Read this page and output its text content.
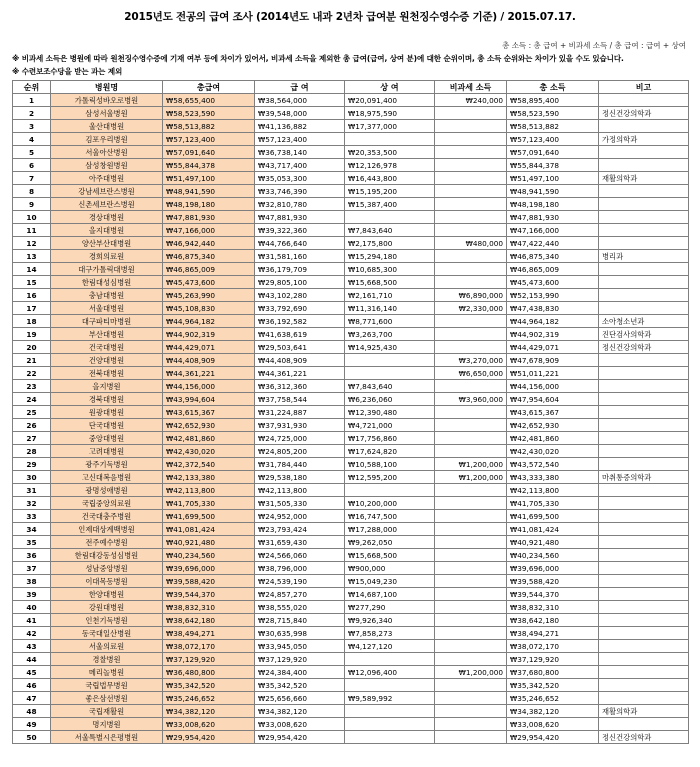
2015년도 전공의 급여 조사 (2014년도 내과 2년차 급여분 원천징수영수증 기준) / 2015.07.17.
총 소득 : 총 급여 + 비과세 소득 / 총 급여 : 급여 + 상여
※ 비과세 소득은 병원에 따라 원천징수영수증에 기재 여부 등에 차이가 있어서, 비과세 소득을 제외한 총 급여(급여, 상여 분)에 대한 순위이며, 총 소득 순위와는 차이가 있을 수도 있습니다.
※ 수련보조수당을 받는 과는 제외
순위	병원명	총급여	급 여	상 여	비과세 소득	총 소득	비고
1	가톨릭성바오로병원	₩58,655,400	₩38,564,000	₩20,091,400	₩240,000	₩58,895,400	
2	삼성서울병원	₩58,523,590	₩39,548,000	₩18,975,590		₩58,523,590	정신건강의학과
3	울산대병원	₩58,513,882	₩41,136,882	₩17,377,000		₩58,513,882	
4	김포우리병원	₩57,123,400	₩57,123,400			₩57,123,400	가정의학과
5	서울아산병원	₩57,091,640	₩36,738,140	₩20,353,500		₩57,091,640	
6	삼성창원병원	₩55,844,378	₩43,717,400	₩12,126,978		₩55,844,378	
7	아주대병원	₩51,497,100	₩35,053,300	₩16,443,800		₩51,497,100	재활의학과
8	강남세브란스병원	₩48,941,590	₩33,746,390	₩15,195,200		₩48,941,590	
9	신촌세브란스병원	₩48,198,180	₩32,810,780	₩15,387,400		₩48,198,180	
10	경상대병원	₩47,881,930	₩47,881,930			₩47,881,930	
11	을지대병원	₩47,166,000	₩39,322,360	₩7,843,640		₩47,166,000	
12	양산부산대병원	₩46,942,440	₩44,766,640	₩2,175,800	₩480,000	₩47,422,440	
13	경희의료원	₩46,875,340	₩31,581,160	₩15,294,180		₩46,875,340	병리과
14	대구가톨릭대병원	₩46,865,009	₩36,179,709	₩10,685,300		₩46,865,009	
15	한림대성심병원	₩45,473,600	₩29,805,100	₩15,668,500		₩45,473,600	
16	충남대병원	₩45,263,990	₩43,102,280	₩2,161,710	₩6,890,000	₩52,153,990	
17	서울대병원	₩45,108,830	₩33,792,690	₩11,316,140	₩2,330,000	₩47,438,830	
18	대구파티마병원	₩44,964,182	₩36,192,582	₩8,771,600		₩44,964,182	소아청소년과
19	부산대병원	₩44,902,319	₩41,638,619	₩3,263,700		₩44,902,319	진단검사의학과
20	건국대병원	₩44,429,071	₩29,503,641	₩14,925,430		₩44,429,071	정신건강의학과
21	건양대병원	₩44,408,909	₩44,408,909		₩3,270,000	₩47,678,909	
22	전북대병원	₩44,361,221	₩44,361,221		₩6,650,000	₩51,011,221	
23	을지병원	₩44,156,000	₩36,312,360	₩7,843,640		₩44,156,000	
24	경북대병원	₩43,994,604	₩37,758,544	₩6,236,060	₩3,960,000	₩47,954,604	
25	원광대병원	₩43,615,367	₩31,224,887	₩12,390,480		₩43,615,367	
26	단국대병원	₩42,652,930	₩37,931,930	₩4,721,000		₩42,652,930	
27	중앙대병원	₩42,481,860	₩24,725,000	₩17,756,860		₩42,481,860	
28	고려대병원	₩42,430,020	₩24,805,200	₩17,624,820		₩42,430,020	
29	광주기독병원	₩42,372,540	₩31,784,440	₩10,588,100	₩1,200,000	₩43,572,540	
30	고신대복음병원	₩42,133,380	₩29,538,180	₩12,595,200	₩1,200,000	₩43,333,380	마취통증의학과
31	광명성애병원	₩42,113,800	₩42,113,800			₩42,113,800	
32	국립중앙의료원	₩41,705,330	₩31,505,330	₩10,200,000		₩41,705,330	
33	건국대충주병원	₩41,699,500	₩24,952,000	₩16,747,500		₩41,699,500	
34	인제대상계백병원	₩41,081,424	₩23,793,424	₩17,288,000		₩41,081,424	
35	전주예수병원	₩40,921,480	₩31,659,430	₩9,262,050		₩40,921,480	
36	한림대강동성심병원	₩40,234,560	₩24,566,060	₩15,668,500		₩40,234,560	
37	성남중앙병원	₩39,696,000	₩38,796,000	₩900,000		₩39,696,000	
38	이대목동병원	₩39,588,420	₩24,539,190	₩15,049,230		₩39,588,420	
39	한양대병원	₩39,544,370	₩24,857,270	₩14,687,100		₩39,544,370	
40	강원대병원	₩38,832,310	₩38,555,020	₩277,290		₩38,832,310	
41	인천기독병원	₩38,642,180	₩28,715,840	₩9,926,340		₩38,642,180	
42	동국대일산병원	₩38,494,271	₩30,635,998	₩7,858,273		₩38,494,271	
43	서울의료원	₩38,072,170	₩33,945,050	₩4,127,120		₩38,072,170	
44	경찰병원	₩37,129,920	₩37,129,920			₩37,129,920	
45	메리놀병원	₩36,480,800	₩24,384,400	₩12,096,400	₩1,200,000	₩37,680,800	
46	국립법무병원	₩35,342,520	₩35,342,520			₩35,342,520	
47	좋은삼선병원	₩35,246,652	₩25,656,660	₩9,589,992		₩35,246,652	
48	국립재활원	₩34,382,120	₩34,382,120			₩34,382,120	재활의학과
49	명지병원	₩33,008,620	₩33,008,620			₩33,008,620	
50	서울특별시은평병원	₩29,954,420	₩29,954,420			₩29,954,420	정신건강의학과
